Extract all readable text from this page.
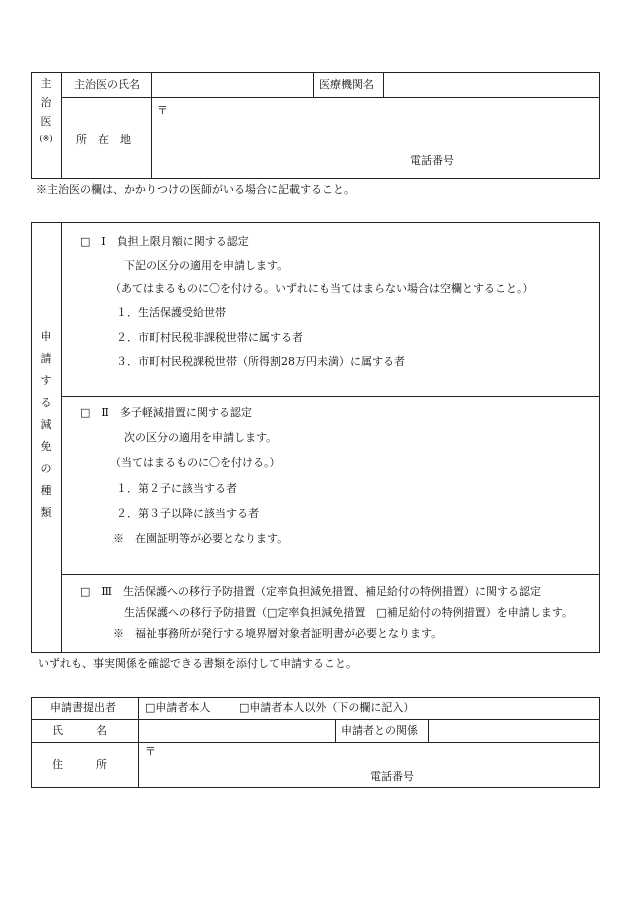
主
治
医
(※)
主治医の氏名	医療機関名
所　在　地
〒
電話番号
※主治医の欄は、かかりつけの医師がいる場合に記載すること。
申
請
す
る
減
免
の
種
類
□　Ⅰ　負担上限月額に関する認定
下記の区分の適用を申請します。
（あてはまるものに〇を付ける。いずれにも当てはまらない場合は空欄とすること。）
１．生活保護受給世帯
２．市町村民税非課税世帯に属する者
３．市町村民税課税世帯（所得割28万円未満）に属する者
□　Ⅱ　多子軽減措置に関する認定
次の区分の適用を申請します。
（当てはまるものに〇を付ける。）
１．第２子に該当する者
２．第３子以降に該当する者
※　在園証明等が必要となります。
□　Ⅲ　生活保護への移行予防措置（定率負担減免措置、補足給付の特例措置）に関する認定
生活保護への移行予防措置（□定率負担減免措置　□補足給付の特例措置）を申請します。
※　福祉事務所が発行する境界層対象者証明書が必要となります。
いずれも、事実関係を確認できる書類を添付して申請すること。
申請書提出者	□申請者本人	□申請者本人以外（下の欄に記入）
氏　　　名	申請者との関係
住　　　所
〒
電話番号
